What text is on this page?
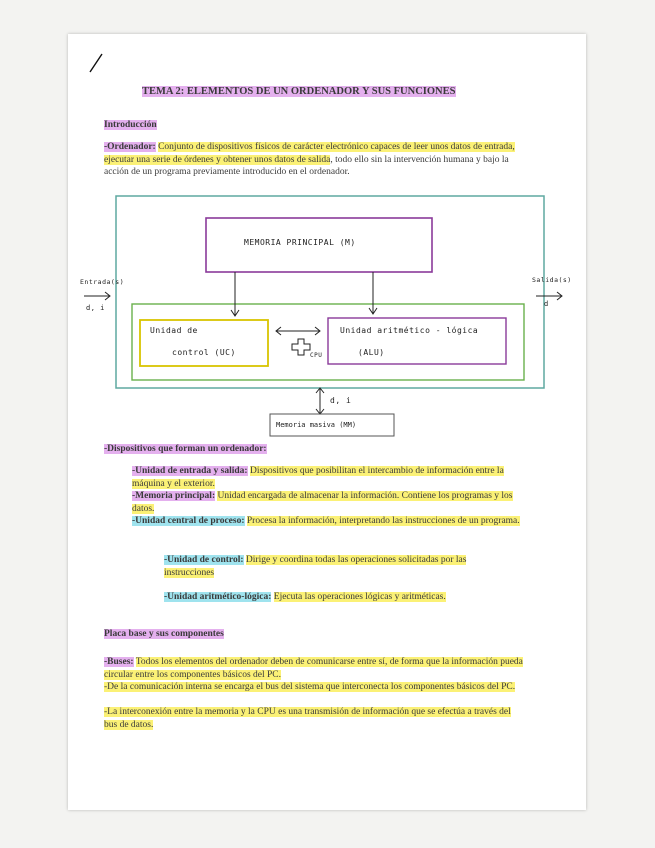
TEMA 2: ELEMENTOS DE UN ORDENADOR Y SUS FUNCIONES
Introducción
-Ordenador: Conjunto de dispositivos físicos de carácter electrónico capaces de leer unos datos de entrada, ejecutar una serie de órdenes y obtener unos datos de salida, todo ello sin la intervención humana y bajo la acción de un programa previamente introducido en el ordenador.
MEMORIA PRINCIPAL (M)
Unidad de
control (UC)
Unidad aritmético - lógica
(ALU)
CPU
Entrada(s)
d, i
Salida(s)
d
d, i
Memoria masiva (MM)
-Dispositivos que forman un ordenador:
-Unidad de entrada y salida: Dispositivos que posibilitan el intercambio de información entre la máquina y el exterior.
-Memoria principal: Unidad encargada de almacenar la información. Contiene los programas y los datos.
-Unidad central de proceso: Procesa la información, interpretando las instrucciones de un programa.
-Unidad de control: Dirige y coordina todas las operaciones solicitadas por las instrucciones
-Unidad aritmético-lógica: Ejecuta las operaciones lógicas y aritméticas.
Placa base y sus componentes
-Buses: Todos los elementos del ordenador deben de comunicarse entre sí, de forma que la información pueda circular entre los componentes básicos del PC.
-De la comunicación interna se encarga el bus del sistema que interconecta los componentes básicos del PC.
-La interconexión entre la memoria y la CPU es una transmisión de información que se efectúa a través del bus de datos.
